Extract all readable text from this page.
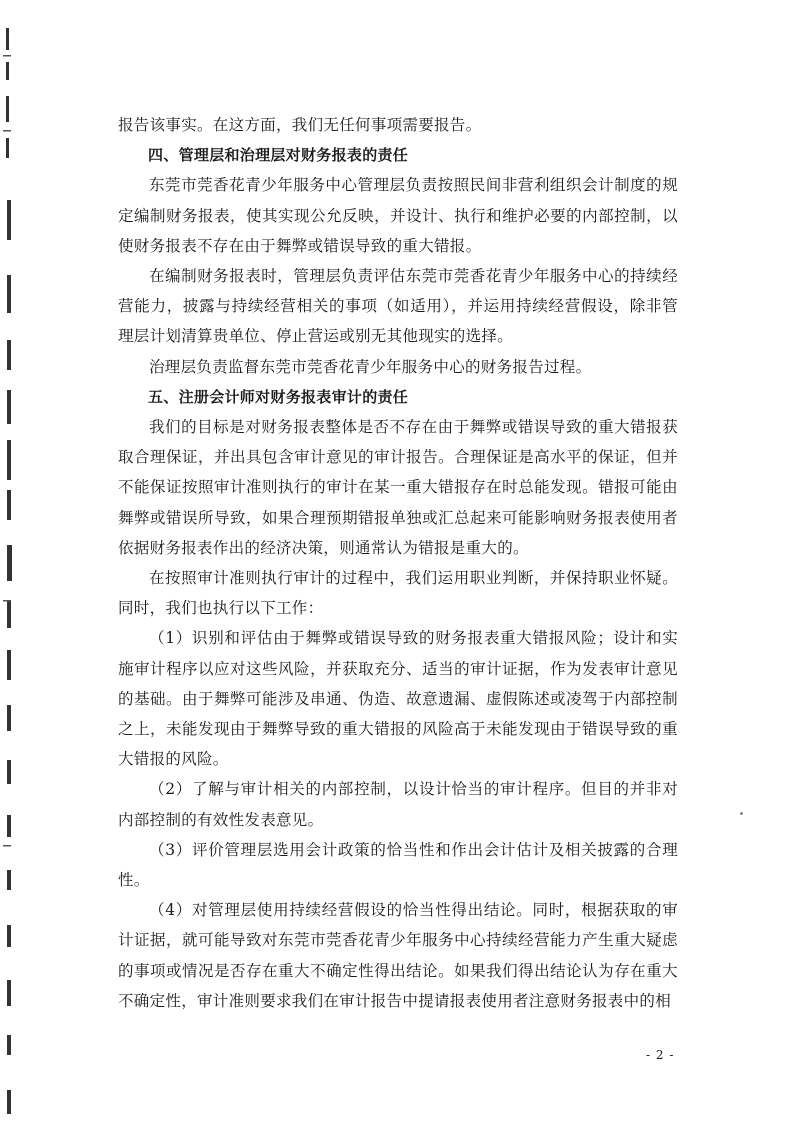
报告该事实。在这方面，我们无任何事项需要报告。

四、管理层和治理层对财务报表的责任

东莞市莞香花青少年服务中心管理层负责按照民间非营利组织会计制度的规定编制财务报表，使其实现公允反映，并设计、执行和维护必要的内部控制，以使财务报表不存在由于舞弊或错误导致的重大错报。

在编制财务报表时，管理层负责评估东莞市莞香花青少年服务中心的持续经营能力，披露与持续经营相关的事项（如适用），并运用持续经营假设，除非管理层计划清算贵单位、停止营运或别无其他现实的选择。

治理层负责监督东莞市莞香花青少年服务中心的财务报告过程。

五、注册会计师对财务报表审计的责任

我们的目标是对财务报表整体是否不存在由于舞弊或错误导致的重大错报获取合理保证，并出具包含审计意见的审计报告。合理保证是高水平的保证，但并不能保证按照审计准则执行的审计在某一重大错报存在时总能发现。错报可能由舞弊或错误所导致，如果合理预期错报单独或汇总起来可能影响财务报表使用者依据财务报表作出的经济决策，则通常认为错报是重大的。

在按照审计准则执行审计的过程中，我们运用职业判断，并保持职业怀疑。同时，我们也执行以下工作：

（1）识别和评估由于舞弊或错误导致的财务报表重大错报风险；设计和实施审计程序以应对这些风险，并获取充分、适当的审计证据，作为发表审计意见的基础。由于舞弊可能涉及串通、伪造、故意遗漏、虚假陈述或凌驾于内部控制之上，未能发现由于舞弊导致的重大错报的风险高于未能发现由于错误导致的重大错报的风险。

（2）了解与审计相关的内部控制，以设计恰当的审计程序。但目的并非对内部控制的有效性发表意见。

（3）评价管理层选用会计政策的恰当性和作出会计估计及相关披露的合理性。

（4）对管理层使用持续经营假设的恰当性得出结论。同时，根据获取的审计证据，就可能导致对东莞市莞香花青少年服务中心持续经营能力产生重大疑虑的事项或情况是否存在重大不确定性得出结论。如果我们得出结论认为存在重大不确定性，审计准则要求我们在审计报告中提请报表使用者注意财务报表中的相

- 2 -
